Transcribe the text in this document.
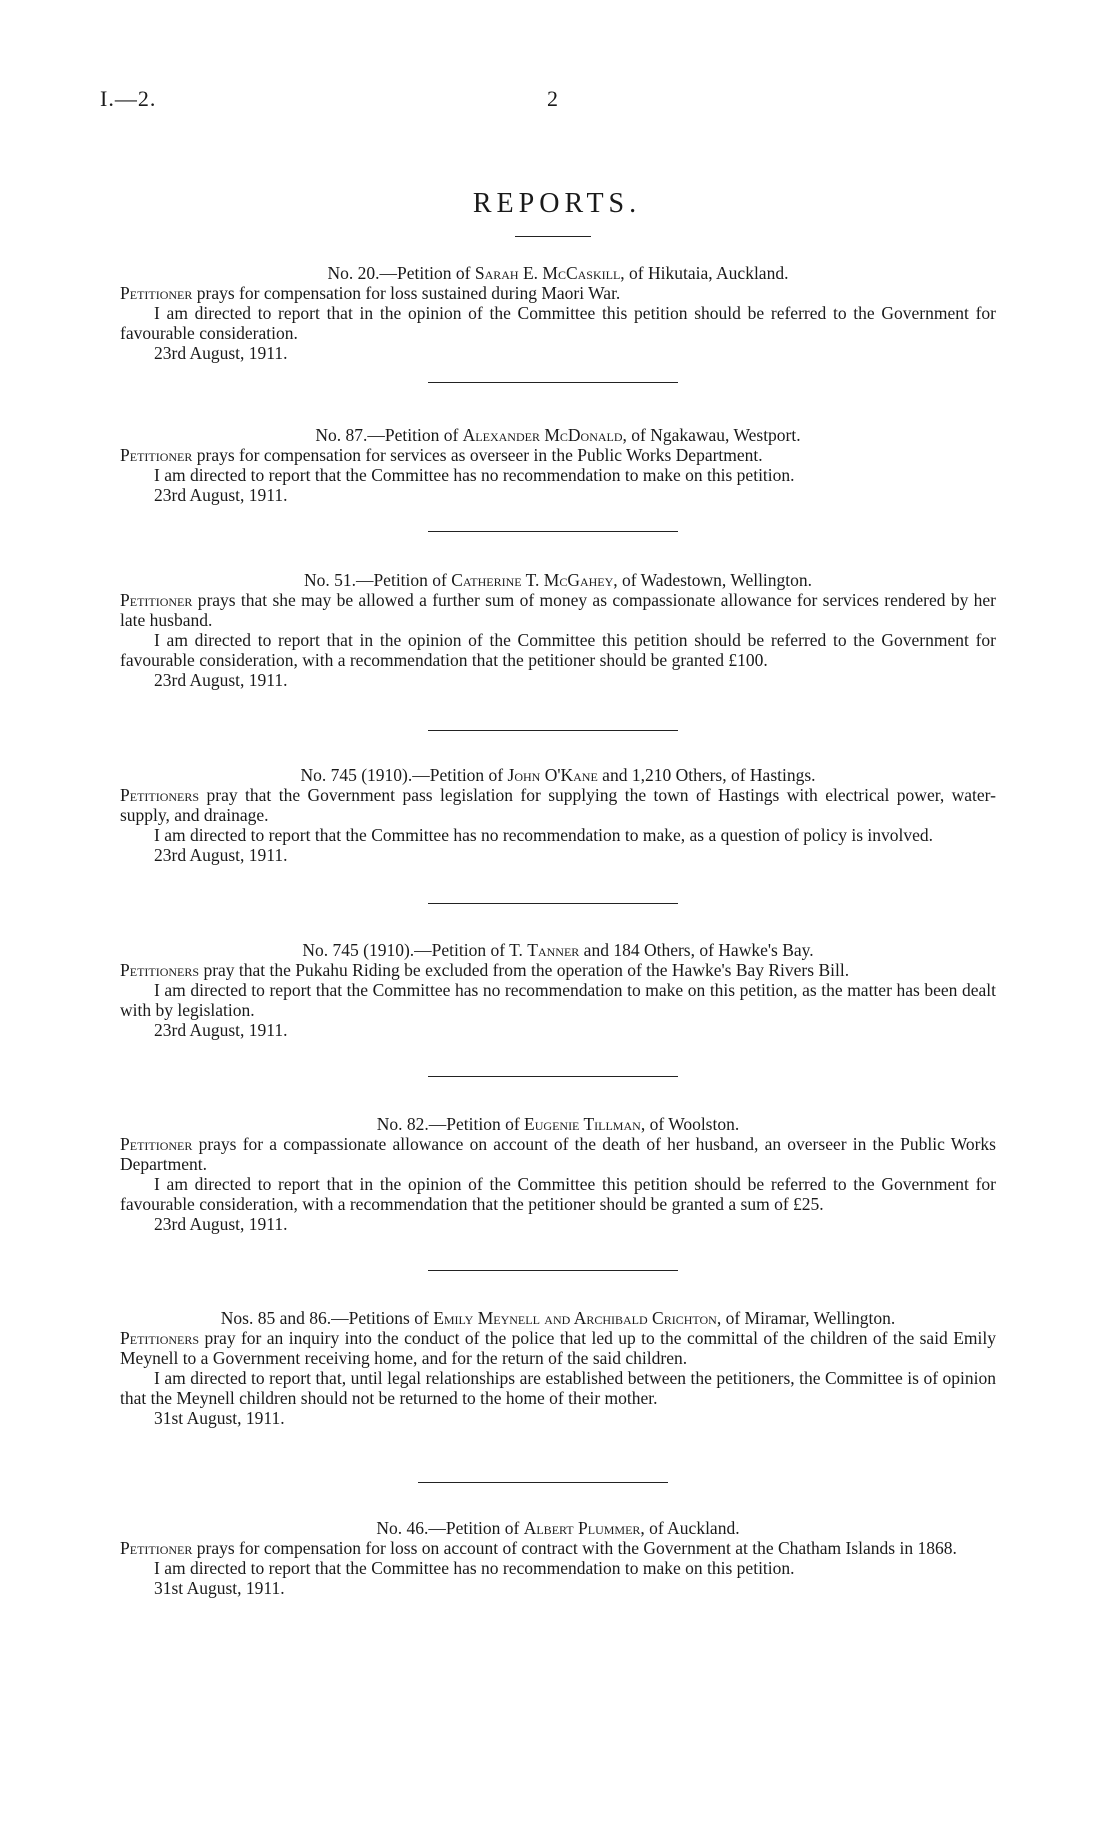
I.—2.	2
REPORTS.
No. 20.—Petition of Sarah E. McCaskill, of Hikutaia, Auckland.

Petitioner prays for compensation for loss sustained during Maori War.

I am directed to report that in the opinion of the Committee this petition should be referred to the Government for favourable consideration.

23rd August, 1911.
No. 87.—Petition of Alexander McDonald, of Ngakawau, Westport.

Petitioner prays for compensation for services as overseer in the Public Works Department.

I am directed to report that the Committee has no recommendation to make on this petition.

23rd August, 1911.
No. 51.—Petition of Catherine T. McGahey, of Wadestown, Wellington.

Petitioner prays that she may be allowed a further sum of money as compassionate allowance for services rendered by her late husband.

I am directed to report that in the opinion of the Committee this petition should be referred to the Government for favourable consideration, with a recommendation that the petitioner should be granted £100.

23rd August, 1911.
No. 745 (1910).—Petition of John O'Kane and 1,210 Others, of Hastings.

Petitioners pray that the Government pass legislation for supplying the town of Hastings with electrical power, water-supply, and drainage.

I am directed to report that the Committee has no recommendation to make, as a question of policy is involved.

23rd August, 1911.
No. 745 (1910).—Petition of T. Tanner and 184 Others, of Hawke's Bay.

Petitioners pray that the Pukahu Riding be excluded from the operation of the Hawke's Bay Rivers Bill.

I am directed to report that the Committee has no recommendation to make on this petition, as the matter has been dealt with by legislation.

23rd August, 1911.
No. 82.—Petition of Eugenie Tillman, of Woolston.

Petitioner prays for a compassionate allowance on account of the death of her husband, an overseer in the Public Works Department.

I am directed to report that in the opinion of the Committee this petition should be referred to the Government for favourable consideration, with a recommendation that the petitioner should be granted a sum of £25.

23rd August, 1911.
Nos. 85 and 86.—Petitions of Emily Meynell and Archibald Crichton, of Miramar, Wellington.

Petitioners pray for an inquiry into the conduct of the police that led up to the committal of the children of the said Emily Meynell to a Government receiving home, and for the return of the said children.

I am directed to report that, until legal relationships are established between the petitioners, the Committee is of opinion that the Meynell children should not be returned to the home of their mother.

31st August, 1911.
No. 46.—Petition of Albert Plummer, of Auckland.

Petitioner prays for compensation for loss on account of contract with the Government at the Chatham Islands in 1868.

I am directed to report that the Committee has no recommendation to make on this petition.

31st August, 1911.
